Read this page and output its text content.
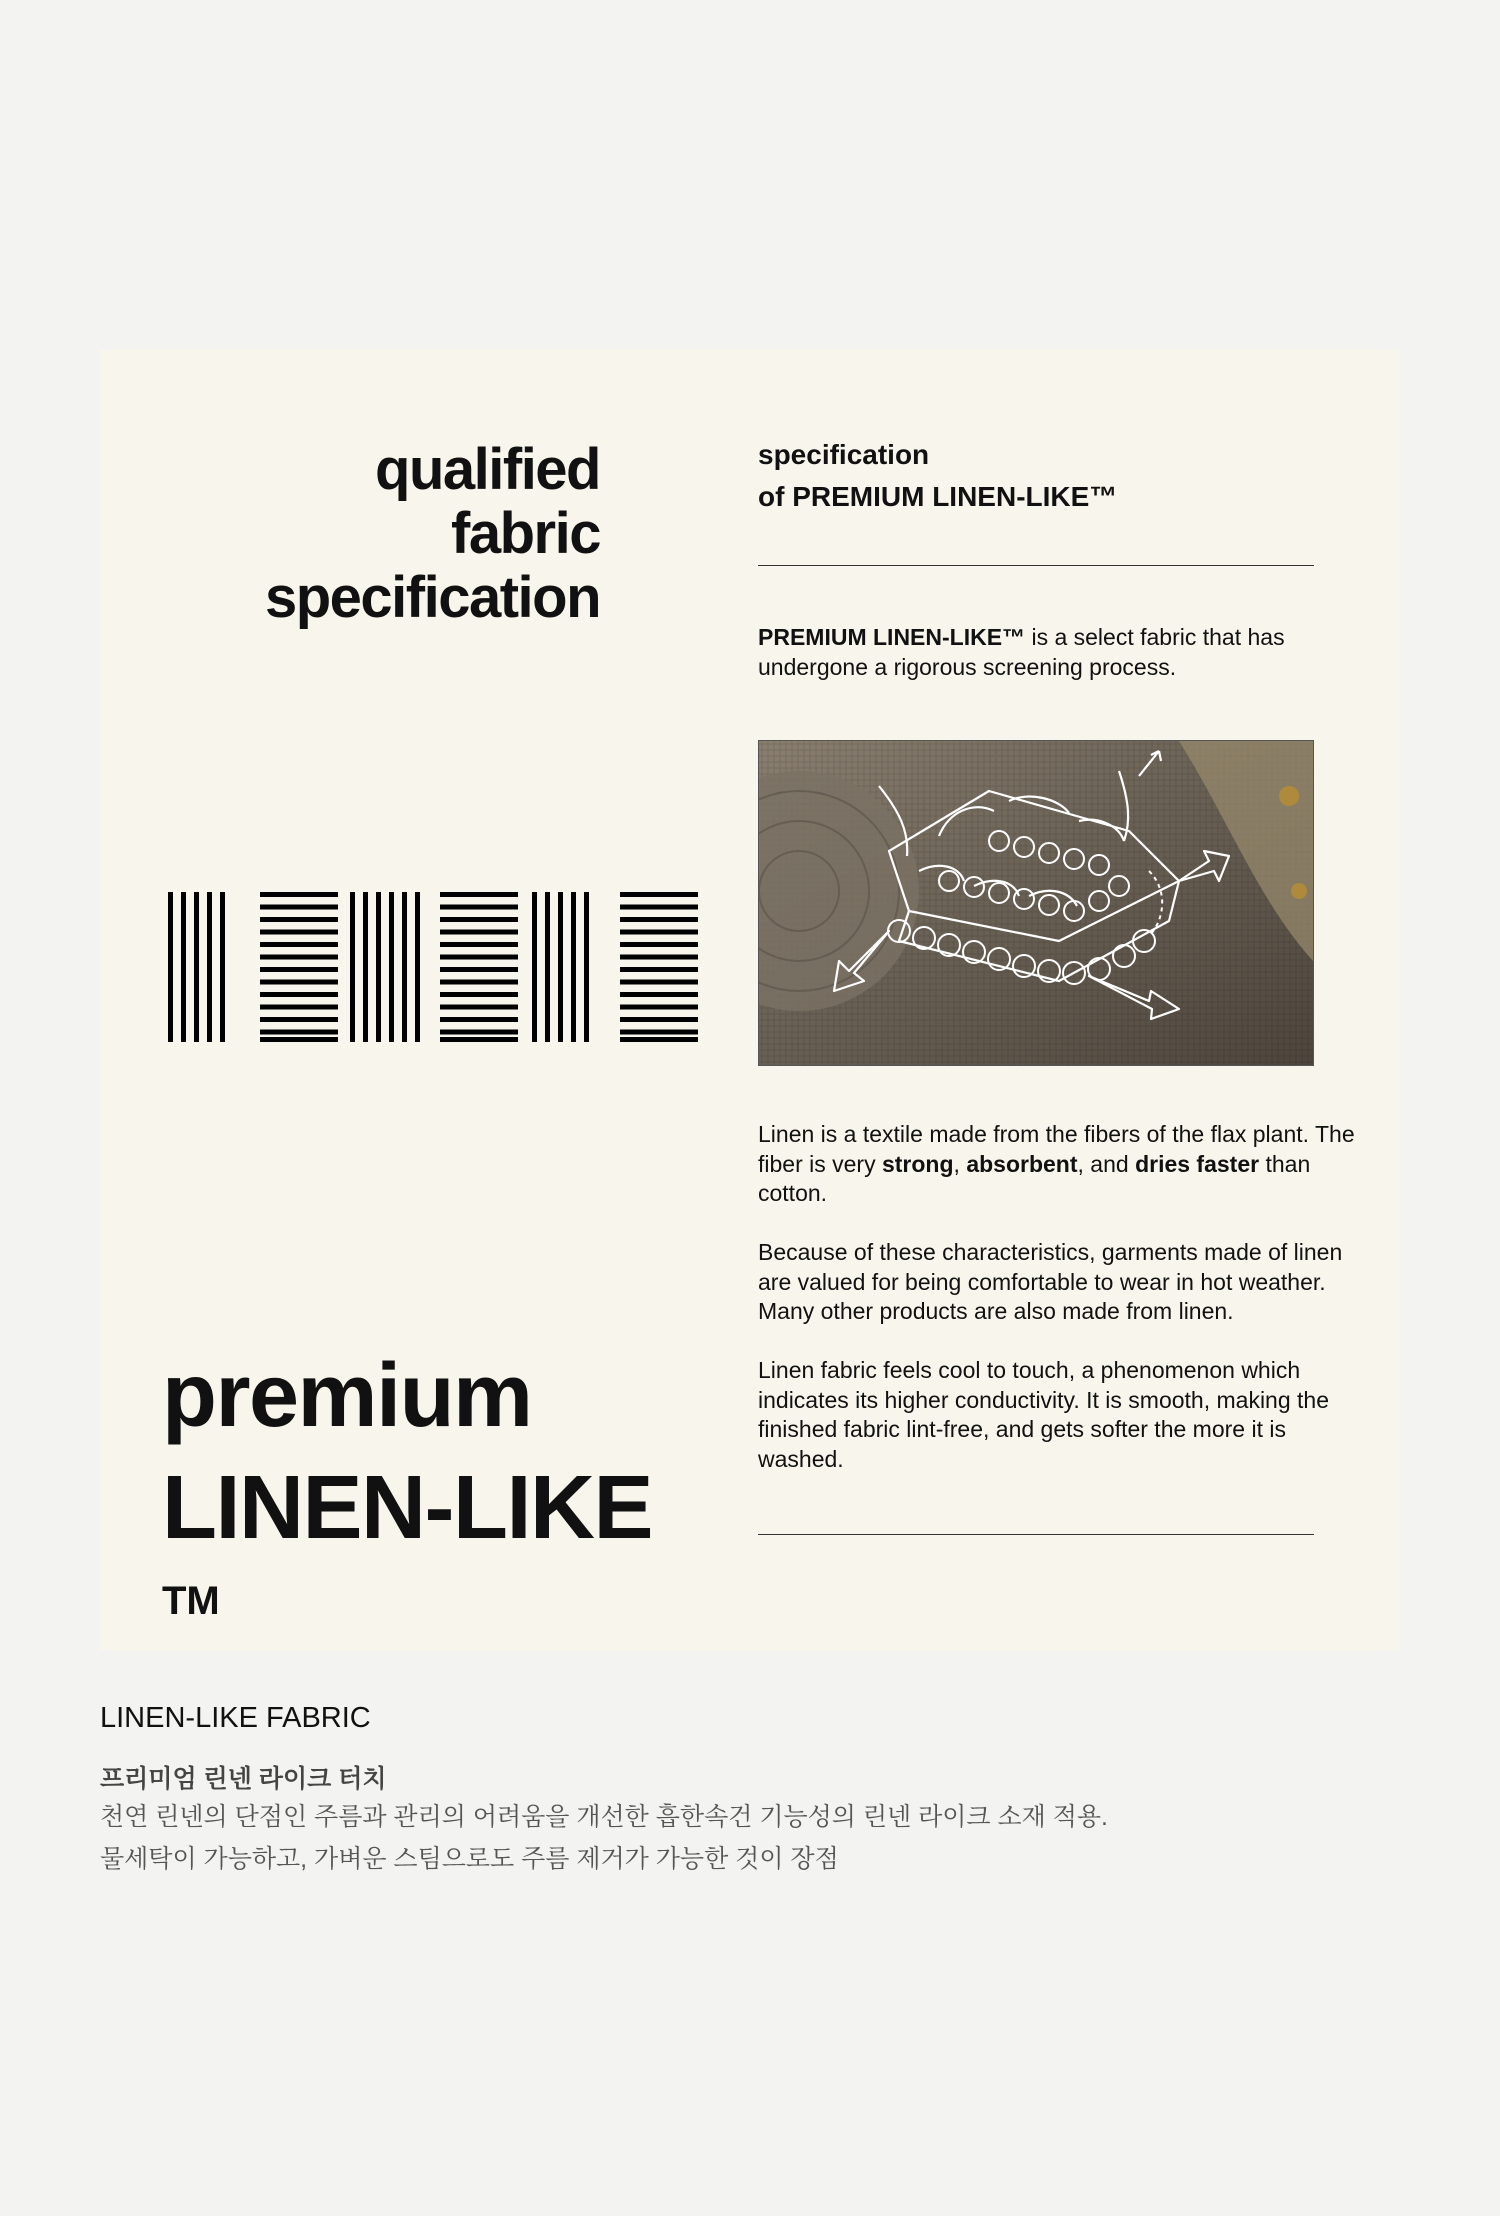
qualified
fabric
specification
specification
of PREMIUM LINEN-LIKE™
PREMIUM LINEN-LIKE™ is a select fabric that has undergone a rigorous screening process.

Linen is a textile made from the fibers of the flax plant. The fiber is very strong, absorbent, and dries faster than cotton.

Because of these characteristics, garments made of linen are valued for being comfortable to wear in hot weather. Many other products are also made from linen.

Linen fabric feels cool to touch, a phenomenon which indicates its higher conductivity. It is smooth, making the finished fabric lint-free, and gets softer the more it is washed.

premium
LINEN-LIKE
™

LINEN-LIKE FABRIC

프리미엄 린넨 라이크 터치

천연 린넨의 단점인 주름과 관리의 어려움을 개선한 흡한속건 기능성의 린넨 라이크 소재 적용.

물세탁이 가능하고, 가벼운 스팀으로도 주름 제거가 가능한 것이 장점
